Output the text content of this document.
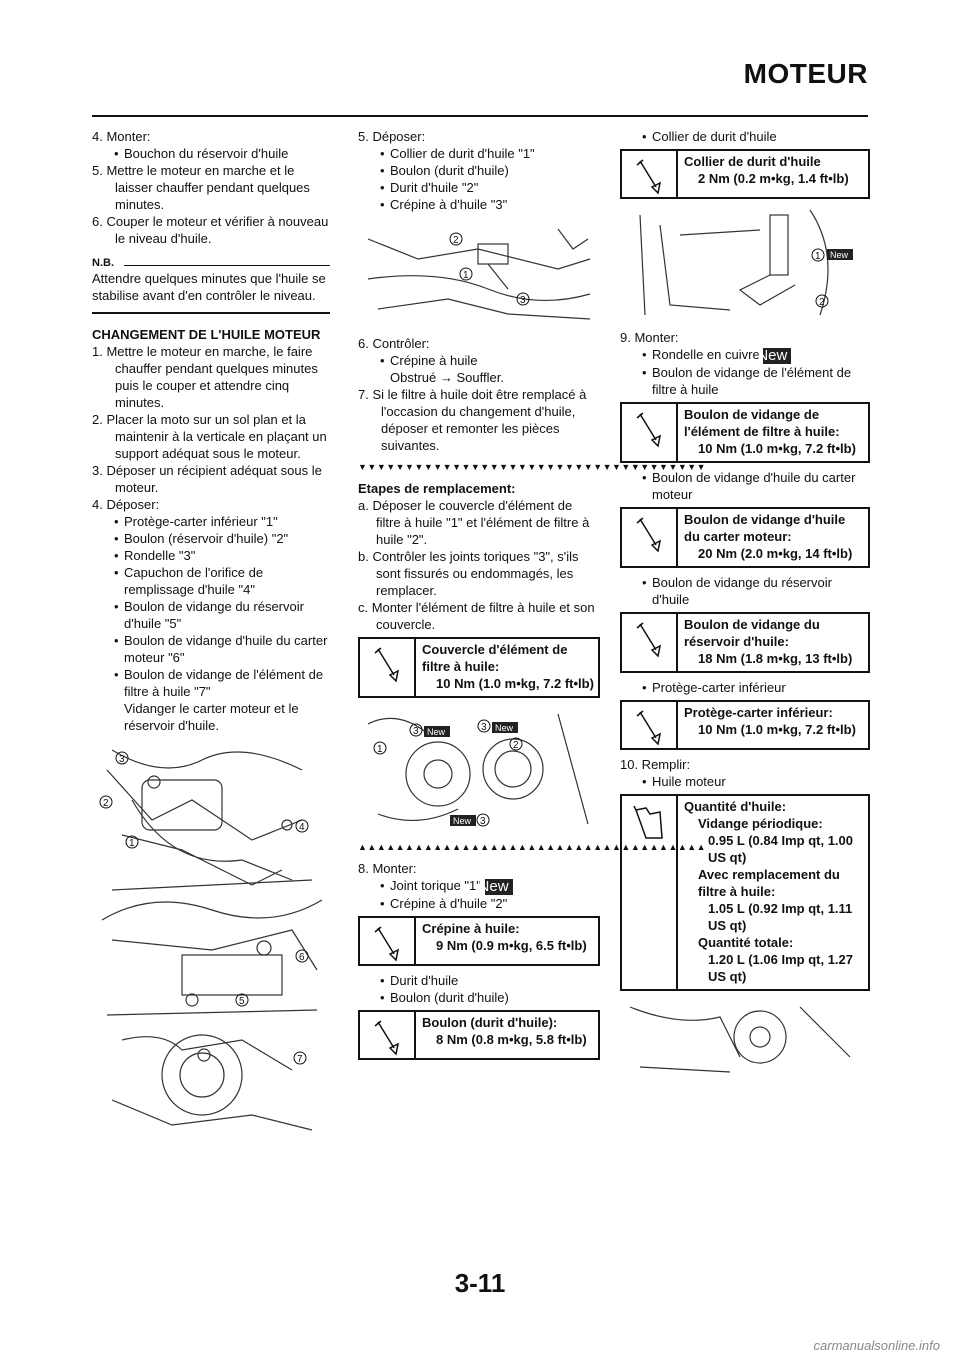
MOTEUR

4. Monter:

• Bouchon du réservoir d'huile

5. Mettre le moteur en marche et le laisser chauffer pendant quelques minutes.

6. Couper le moteur et vérifier à nouveau le niveau d'huile.

N.B.

Attendre quelques minutes que l'huile se stabilise avant d'en contrôler le niveau.

CHANGEMENT DE L'HUILE MOTEUR

1. Mettre le moteur en marche, le faire chauffer pendant quelques minutes puis le couper et attendre cinq minutes.

2. Placer la moto sur un sol plan et la maintenir à la verticale en plaçant un support adéquat sous le moteur.

3. Déposer un récipient adéquat sous le moteur.

4. Déposer:

• Protège-carter inférieur "1"

• Boulon (réservoir d'huile) "2"

• Rondelle "3"

• Capuchon de l'orifice de remplissage d'huile "4"

• Boulon de vidange du réservoir d'huile "5"

• Boulon de vidange d'huile du carter moteur "6"

• Boulon de vidange de l'élément de filtre à huile "7"

Vidanger le carter moteur et le réservoir d'huile.

3
2
1
4
6
5
7

5. Déposer:

• Collier de durit d'huile "1"

• Boulon (durit d'huile)

• Durit d'huile "2"

• Crépine à d'huile "3"

2
1
3

6. Contrôler:

• Crépine à huile

Obstrué → Souffler.

7. Si le filtre à huile doit être remplacé à l'occasion du changement d'huile, déposer et remonter les pièces suivantes.

▼▼▼▼▼▼▼▼▼▼▼▼▼▼▼▼▼▼▼▼▼▼▼▼▼▼▼▼▼▼▼▼▼▼▼▼▼

Etapes de remplacement:

a. Déposer le couvercle d'élément de filtre à huile "1" et l'élément de filtre à huile "2".

b. Contrôler les joints toriques "3", s'ils sont fissurés ou endommagés, les remplacer.

c. Monter l'élément de filtre à huile et son couvercle.

Couvercle d'élément de filtre à huile:
10 Nm (1.0 m•kg, 7.2 ft•lb)
1
3	3
2
3
New	New
New
▲▲▲▲▲▲▲▲▲▲▲▲▲▲▲▲▲▲▲▲▲▲▲▲▲▲▲▲▲▲▲▲▲▲▲▲▲

8. Monter:

• Joint torique "1" New

• Crépine à d'huile "2"

Crépine à huile:
9 Nm (0.9 m•kg, 6.5 ft•lb)

• Durit d'huile

• Boulon (durit d'huile)

Boulon (durit d'huile):
8 Nm (0.8 m•kg, 5.8 ft•lb)

• Collier de durit d'huile

Collier de durit d'huile
2 Nm (0.2 m•kg, 1.4 ft•lb)
1
2
New

9. Monter:

• Rondelle en cuivre New

• Boulon de vidange de l'élément de filtre à huile

Boulon de vidange de l'élément de filtre à huile:
10 Nm (1.0 m•kg, 7.2 ft•lb)

• Boulon de vidange d'huile du carter moteur

Boulon de vidange d'huile du carter moteur:
20 Nm (2.0 m•kg, 14 ft•lb)

• Boulon de vidange du réservoir d'huile

Boulon de vidange du réservoir d'huile:
18 Nm (1.8 m•kg, 13 ft•lb)

• Protège-carter inférieur

Protège-carter inférieur:
10 Nm (1.0 m•kg, 7.2 ft•lb)

10. Remplir:

• Huile moteur

Quantité d'huile:
Vidange périodique:
0.95 L (0.84 Imp qt, 1.00 US qt)
Avec remplacement du filtre à huile:
1.05 L (0.92 Imp qt, 1.11 US qt)
Quantité totale:
1.20 L (1.06 Imp qt, 1.27 US qt)
3-11
carmanualsonline.info
